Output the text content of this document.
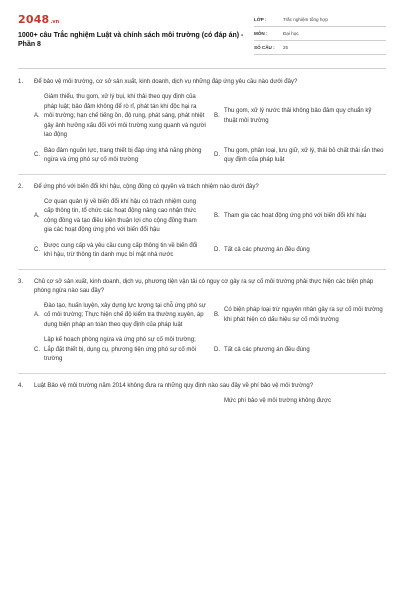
2048 .vn
1000+ câu Trắc nghiệm Luật và chính sách môi trường (có đáp án) - Phần 8
LỚP :	Trắc nghiệm tổng hợp
MÔN :	Đại học
SỐ CÂU :	25
1.	Để bảo vệ môi trường, cơ sở sản xuất, kinh doanh, dịch vụ những đáp ứng yêu cầu nào dưới đây?
A.
Giảm thiểu, thu gom, xử lý bụi, khí thải theo quy định của pháp luật; bảo đảm không để rò rỉ, phát tán khí độc hại ra môi trường; hạn chế tiếng ồn, độ rung, phát sáng, phát nhiệt gây ảnh hưởng xấu đối với môi trường xung quanh và người lao động
B.
Thu gom, xử lý nước thải không bảo đảm quy chuẩn kỹ thuật môi trường
C.
Bảo đảm nguồn lực, trang thiết bị đáp ứng khả năng phòng ngừa và ứng phó sự cố môi trường
D.
Thu gom, phân loại, lưu giữ, xử lý, thải bỏ chất thải rắn theo quy định của pháp luật
2.	Để ứng phó với biến đổi khí hậu, cộng đồng có quyền và trách nhiệm nào dưới đây?
A.
Cơ quan quản lý về biến đổi khí hậu có trách nhiệm cung cấp thông tin, tổ chức các hoạt động nâng cao nhận thức cộng đồng và tạo điều kiện thuận lợi cho cộng đồng tham gia các hoạt động ứng phó với biến đổi hậu
B. Tham gia các hoạt động ứng phó với biến đổi khí hậu
C.
Được cung cấp và yêu cầu cung cấp thông tin về biến đổi khí hậu, trừ thông tin danh mục bí mật nhà nước
D. Tất cả các phương án đều đúng
3.	Chủ cơ sở sản xuất, kinh doanh, dịch vụ, phương tiện vận tải có nguy cơ gây ra sự cố môi trường phải thực hiện các biện pháp phòng ngừa nào sau đây?
A.
Đào tạo, huấn luyện, xây dựng lực lượng tại chỗ ứng phó sự cố môi trường; Thực hiện chế độ kiểm tra thường xuyên, áp dụng biện pháp an toàn theo quy định của pháp luật
B.
Có biện pháp loại trừ nguyên nhân gây ra sự cố môi trường khi phát hiện có dấu hiệu sự cố môi trường
C.
Lập kế hoạch phòng ngừa và ứng phó sự cố môi trường; Lắp đặt thiết bị, dụng cụ, phương tiện ứng phó sự cố môi trường
D. Tất cả các phương án đều đúng
4.	Luật Bảo vệ môi trường năm 2014 không đưa ra những quy định nào sau đây về phí bảo vệ môi trường?
Mức phí bảo vệ môi trường không được
